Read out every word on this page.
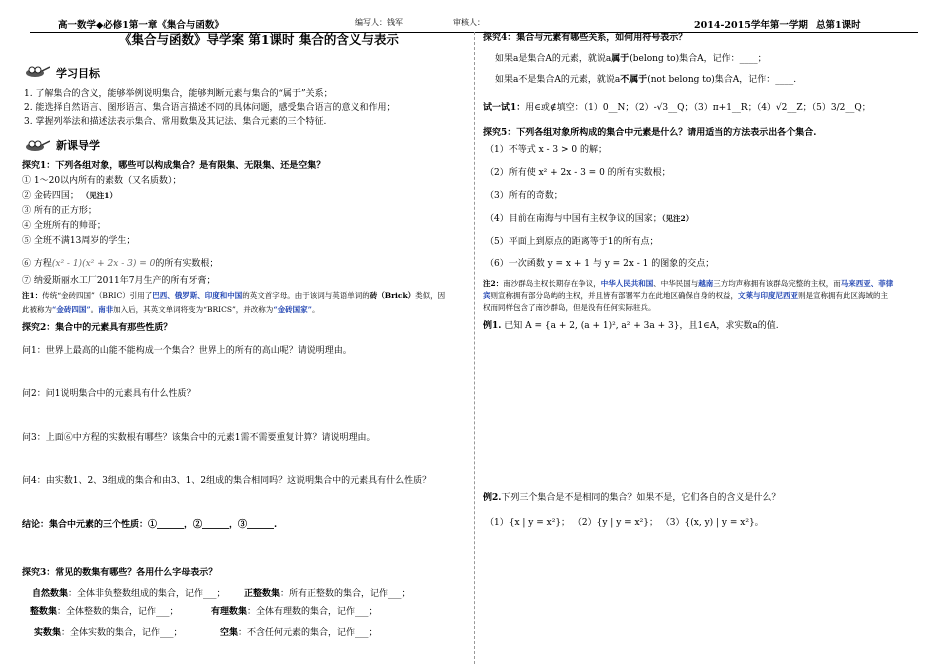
高一数学◆必修1第一章《集合与函数》	编写人：钱军	审核人：	2014-2015学年第一学期 总第1课时
《集合与函数》导学案 第1课时 集合的含义与表示
学习目标
1. 了解集合的含义，能够举例说明集合，能够判断元素与集合的“属于”关系；
2. 能选择自然语言、图形语言、集合语言描述不同的具体问题，感受集合语言的意义和作用；
3. 掌握列举法和描述法表示集合、常用数集及其记法、集合元素的三个特征.
新课导学
探究1：下列各组对象，哪些可以构成集合？是有限集、无限集、还是空集？
① 1～20以内所有的素数（又名质数）；
② 金砖四国； （见注1）
③ 所有的正方形；
④ 全班所有的帅哥；
⑤ 全班不满13周岁的学生；
⑥ 方程(x² - 1)(x² + 2x - 3) = 0的所有实数根；
⑦ 纳爱斯丽水工厂2011年7月生产的所有牙膏；
注1：传统“金砖四国”（BRIC）引用了巴西、俄罗斯、印度和中国的英文首字母。由于该词与英语单词的砖（Brick）类似，因
此被称为“金砖四国”。南非加入后，其英文单词将变为“BRICS”，并改称为“金砖国家”。
探究2：集合中的元素具有那些性质？
问1：世界上最高的山能不能构成一个集合？世界上的所有的高山呢？请说明理由。
问2：问1说明集合中的元素具有什么性质？
问3：上面⑥中方程的实数根有哪些？该集合中的元素1需不需要重复计算？请说明理由。
问4：由实数1、2、3组成的集合和由3、1、2组成的集合相同吗？这说明集合中的元素具有什么性质？
结论：集合中元素的三个性质：①______，②______，③______.
探究3：常见的数集有哪些？各用什么字母表示？
自然数集：全体非负整数组成的集合，记作___； 正整数集：所有正整数的集合，记作___；
整数集：全体整数的集合，记作___；	有理数集：全体有理数的集合，记作___；
实数集：全体实数的集合，记作___；	空集：不含任何元素的集合，记作___；
探究4：集合与元素有哪些关系，如何用符号表示？
如果a是集合A的元素，就说a属于(belong to)集合A，记作：____；
如果a不是集合A的元素，就说a不属于(not belong to)集合A，记作：____.
试一试1：用∈或∉填空：（1）0__N；（2）-√3__Q；（3）π+1__R；（4）√2__Z；（5）3/2__Q；
探究5：下列各组对象所构成的集合中元素是什么？请用适当的方法表示出各个集合.
（1）不等式 x - 3 > 0 的解；
（2）所有使 x² + 2x - 3 = 0 的所有实数根；
（3）所有的奇数；
（4）目前在南海与中国有主权争议的国家；（见注2）
（5）平面上到原点的距离等于1的所有点；
（6）一次函数 y = x + 1 与 y = 2x - 1 的图象的交点；
注2：南沙群岛主权长期存在争议，中华人民共和国、中华民国与越南三方均声称拥有该群岛完整的主权，而马来西亚、菲律
宾则宣称拥有部分岛屿的主权，并且皆有部署军力在此地区确保自身的权益，文莱与印度尼西亚则是宣称拥有此区海域的主
权而同样包含了南沙群岛，但是没有任何实际驻兵。
例1. 已知 A = {a + 2, (a + 1)², a² + 3a + 3}，且1∈A，求实数a的值.
例2.下列三个集合是不是相同的集合？如果不是，它们各自的含义是什么？
（1）{x | y = x²}； （2）{y | y = x²}； （3）{(x, y) | y = x²}。
